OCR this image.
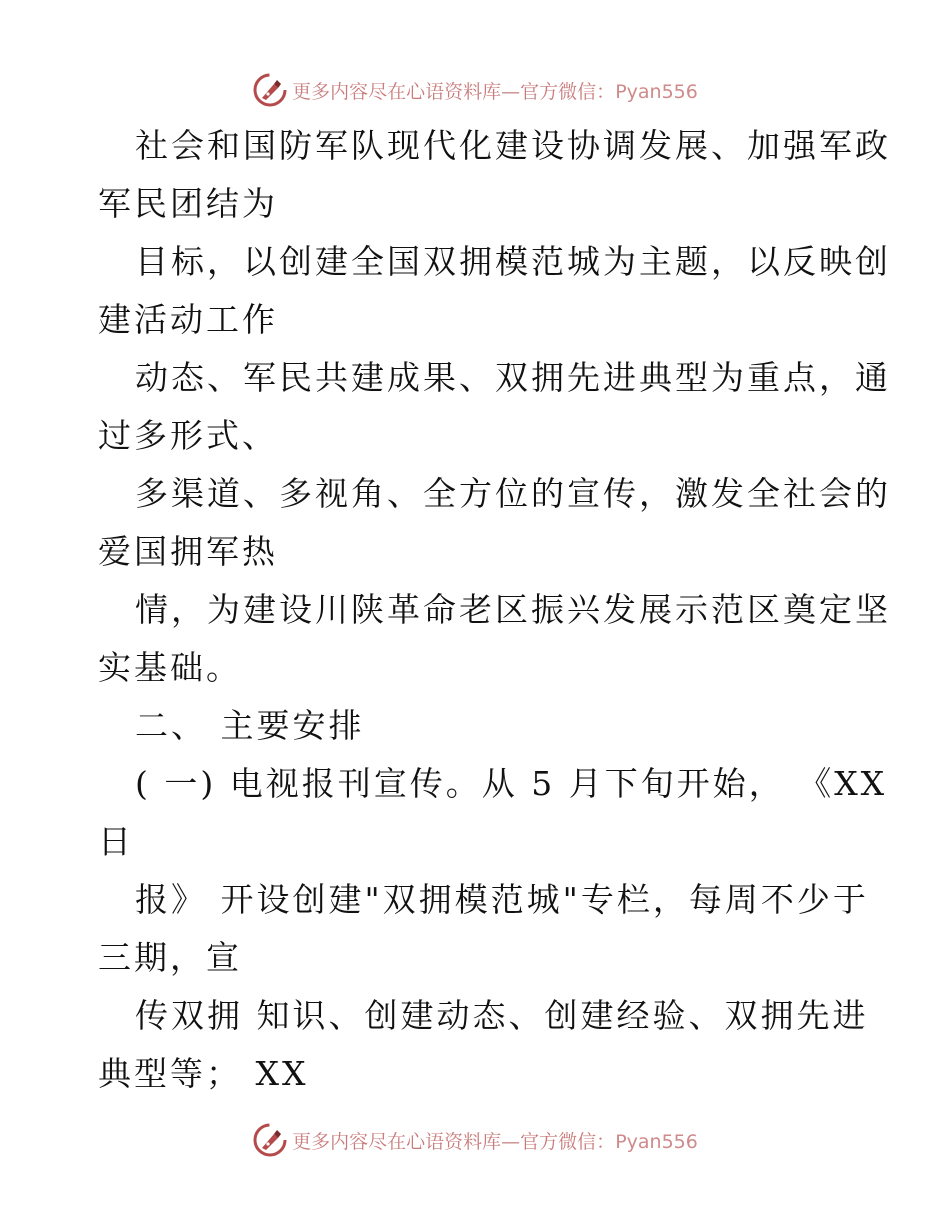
更多内容尽在心语资料库—官方微信：Pyan556
社会和国防军队现代化建设协调发展、加强军政
军民团结为
目标，以创建全国双拥模范城为主题，以反映创
建活动工作
动态、军民共建成果、双拥先进典型为重点，通
过多形式、
多渠道、多视角、全方位的宣传，激发全社会的
爱国拥军热
情，为建设川陕革命老区振兴发展示范区奠定坚
实基础。
二、 主要安排
( 一) 电视报刊宣传。从 5 月下旬开始， 《XX
日
报》 开设创建"双拥模范城"专栏，每周不少于
三期，宣
传双拥 知识、创建动态、创建经验、双拥先进
典型等； XX
更多内容尽在心语资料库—官方微信：Pyan556
